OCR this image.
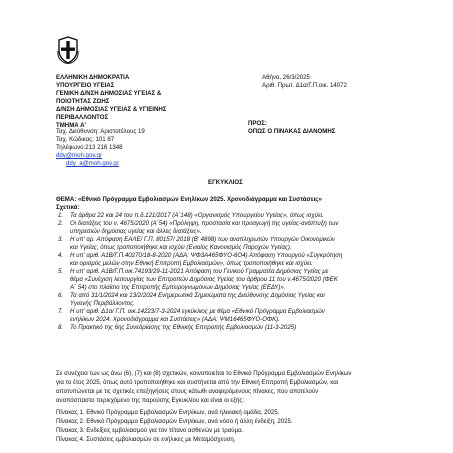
ΕΛΛΗΝΙΚΗ ΔΗΜΟΚΡΑΤΙΑ
ΥΠΟΥΡΓΕΙΟ ΥΓΕΙΑΣ
ΓΕΝΙΚΗ Δ/ΝΣΗ ΔΗΜΟΣΙΑΣ ΥΓΕΙΑΣ &
ΠΟΙΟΤΗΤΑΣ ΖΩΗΣ
Δ/ΝΣΗ ΔΗΜΟΣΙΑΣ ΥΓΕΙΑΣ & ΥΓΙΕΙΝΗΣ
ΠΕΡΙΒΑΛΛΟΝΤΟΣ
ΤΜΗΜΑ Α'
Αθήνα, 26/3/2025
Αριθ. Πρωτ. Δ1α/Γ.Π.οικ. 14072
Ταχ. Διεύθυνση: Αριστοτέλους 19
Ταχ. Κώδικας: 101 87
Τηλέφωνο:213 216 1348
ddy@moh.gov.gr
ddy_a@moh.gov.gr
ΠΡΟΣ:
ΟΠΩΣ Ο ΠΙΝΑΚΑΣ ΔΙΑΝΟΜΗΣ
ΕΓΚΥΚΛΙΟΣ
ΘΕΜΑ: «Εθνικό Πρόγραμμα Εμβολιασμών Ενηλίκων 2025. Χρονοδιάγραμμα και Συστάσεις»
Σχετικά:
1. Τα άρθρα 22 και 24 του π.δ.121/2017 (Α΄148) «Οργανισμός Υπουργείου Υγείας», όπως ισχύει.
2. Οι διατάξεις του ν. 4675/2020 (Α΄54) «Πρόληψη, προστασία και προαγωγή της υγείας-ανάπτυξη των
υπηρεσιών δημόσιας υγείας και άλλες διατάξεις».
3. Η υπ' αρ. Απόφαση ΕΑΛΕ/ Γ.Π. 80157/ 2018 (Β' 4898) των αναπληρωτών Υπουργών Οικονομικών
και Υγείας, όπως τροποποιήθηκε και ισχύει (Ενιαίος Κανονισμός Παροχών Υγείας).
4. Η υπ' αριθ. Α1Β/Γ.Π.40270/18-8-2020 (ΑΔΑ: ΨΦ3Α465ΦΥΟ-6Ο4) Απόφαση Υπουργού «Συγκρότηση
και ορισμός μελών στην Εθνική Επιτροπή Εμβολιασμών», όπως τροποποιήθηκε και ισχύει.
5. Η υπ' αριθ. Α1Β/Γ.Π.οικ.74193/29-11-2021 Απόφαση του Γενικού Γραμματέα Δημόσιας Υγείας με
θέμα «Συνέχιση λειτουργίας των Επιτροπών Δημόσιας Υγείας του άρθρου 11 του ν.4675/2020 (ΦΕΚ
Α΄ 54) στο πλαίσιο της Επιτροπής Εμπειρογνωμόνων Δημόσιας Υγείας (ΕΕΔΥ)».
6. Τα από 31/1/2024 και 13/2/2024 Ενημερωτικά Σημειώματα της Διεύθυνσης Δημόσιας Υγείας και
Υγιεινής Περιβάλλοντος.
7. Η υπ' αριθ. Δ1α/ Γ.Π. οικ.14223/7-3-2024 εγκύκλιος με θέμα «Εθνικό Πρόγραμμα Εμβολιασμών
ενηλίκων 2024. Χρονοδιάγραμμα και Συστάσεις» (ΑΔΑ: ΨΜ16465ΦΥΟ-ΟΦΚ).
8. Το Πρακτικό της 6ης Συνεδρίασης της Εθνικής Επιτροπής Εμβολιασμών (11-3-2025)
Σε συνέχεια των ως άνω (6), (7) και (8) σχετικών, κοινοποιείται το Εθνικό Πρόγραμμα Εμβολιασμών Ενηλίκων
για το έτος 2025, όπως αυτό τροποποιήθηκε και συστήνεται από την Εθνική Επιτροπή Εμβολιασμών, και
αποτυπώνεται με τις σχετικές επεξηγήσεις στους κάτωθι αναφερόμενους πίνακες, που αποτελούν
αναπόσπαστο περιεχόμενο της παρούσης Εγκυκλίου και είναι οι εξής:
Πίνακας 1. Εθνικό Πρόγραμμα Εμβολιασμών Ενηλίκων, ανά ηλικιακή ομάδα, 2025.
Πίνακας 2. Εθνικό Πρόγραμμα Εμβολιασμών Ενηλίκων, ανά νόσο ή άλλη ένδειξη, 2025.
Πίνακας 3. Ενδείξεις εμβολιασμού για τον τέτανο ασθενών με τραύμα.
Πίνακας 4. Συστάσεις εμβολιασμών σε ενήλικες με Μεταμόσχευση.
